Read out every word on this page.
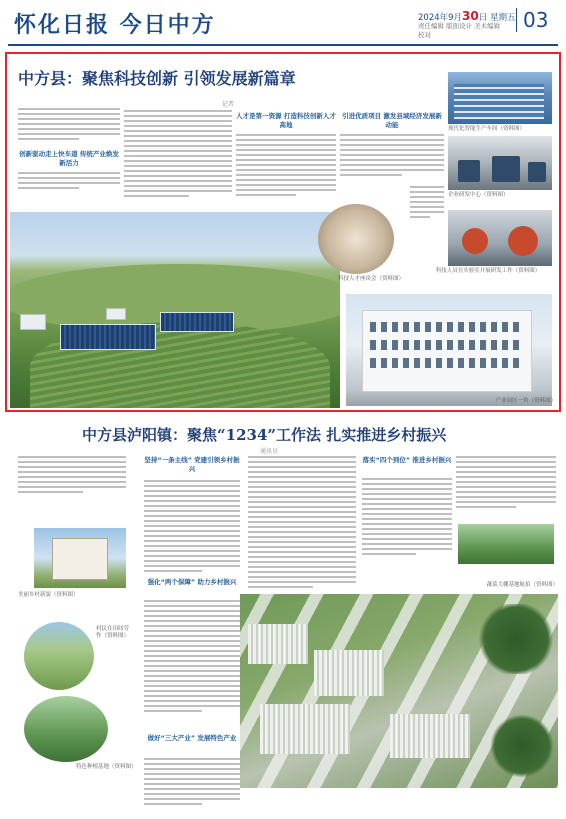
怀化日报 今日中方	2024年9月30日 星期五
责任编辑 版面设计 美术编辑 校对
03
中方县：聚焦科技创新 引领发展新篇章
记者
创新驱动走上快车道 传统产业焕发新活力
人才是第一资源 打造科技创新人才高地
引进优质项目 激发县域经济发展新动能	现代化智能生产车间（资料图）
企业研发中心（资料图）
科技人员在实验室开展研发工作（资料图）
科技人才座谈会（资料图）
产业园区一角（资料图）
中方县泸阳镇：聚焦“1234”工作法 扎实推进乡村振兴
通讯员
美丽乡村新貌（资料图）
村民在田间劳作（资料图）
特色种植基地（资料图）
坚持“一条主线” 党建引领乡村振兴
强化“两个保障” 助力乡村振兴
做好“三大产业” 发展特色产业
落实“四个到位” 推进乡村振兴
蔬菜大棚基地航拍（资料图）
